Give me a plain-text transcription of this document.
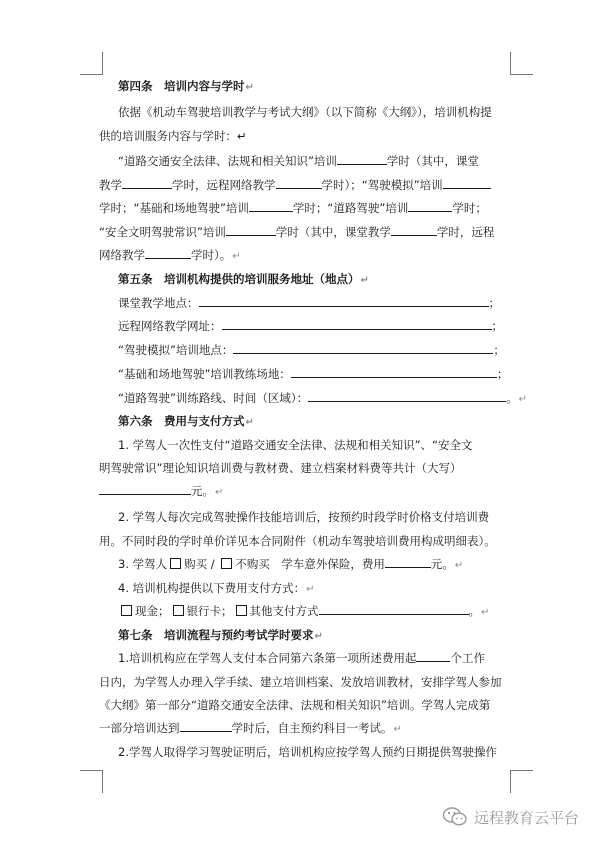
第四条　培训内容与学时↵
依据《机动车驾驶培训教学与考试大纲》（以下简称《大纲》），培训机构提
供的培训服务内容与学时：↵
“道路交通安全法律、法规和相关知识”培训	学时（其中，课堂
教学	学时，远程网络教学	学时）；“驾驶模拟”培训
学时；“基础和场地驾驶”培训	学时；“道路驾驶”培训	学时；
“安全文明驾驶常识”培训	学时（其中，课堂教学	学时，远程
网络教学	学时）。↵
第五条　培训机构提供的培训服务地址（地点）↵
课堂教学地点：	；
远程网络教学网址：	；
“驾驶模拟”培训地点：	；
“基础和场地驾驶”培训教练场地：	；
“道路驾驶”训练路线、时间（区域）：	。↵
第六条　费用与支付方式↵
1. 学驾人一次性支付“道路交通安全法律、法规和相关知识”、“安全文
明驾驶常识”理论知识培训费与教材费、建立档案材料费等共计（大写）
元。↵
2. 学驾人每次完成驾驶操作技能培训后，按预约时段学时价格支付培训费
用。不同时段的学时单价详见本合同附件（机动车驾驶培训费用构成明细表）。
3. 学驾人 购买 / 不购买　学车意外保险，费用	元。↵
4. 培训机构提供以下费用支付方式：↵
现金； 银行卡； 其他支付方式	。↵
第七条　培训流程与预约考试学时要求↵
1.培训机构应在学驾人支付本合同第六条第一项所述费用起	个工作
日内，为学驾人办理入学手续、建立培训档案、发放培训教材，安排学驾人参加
《大纲》第一部分“道路交通安全法律、法规和相关知识”培训。学驾人完成第
一部分培训达到	学时后，自主预约科目一考试。↵
2.学驾人取得学习驾驶证明后，培训机构应按学驾人预约日期提供驾驶操作
远程教育云平台
